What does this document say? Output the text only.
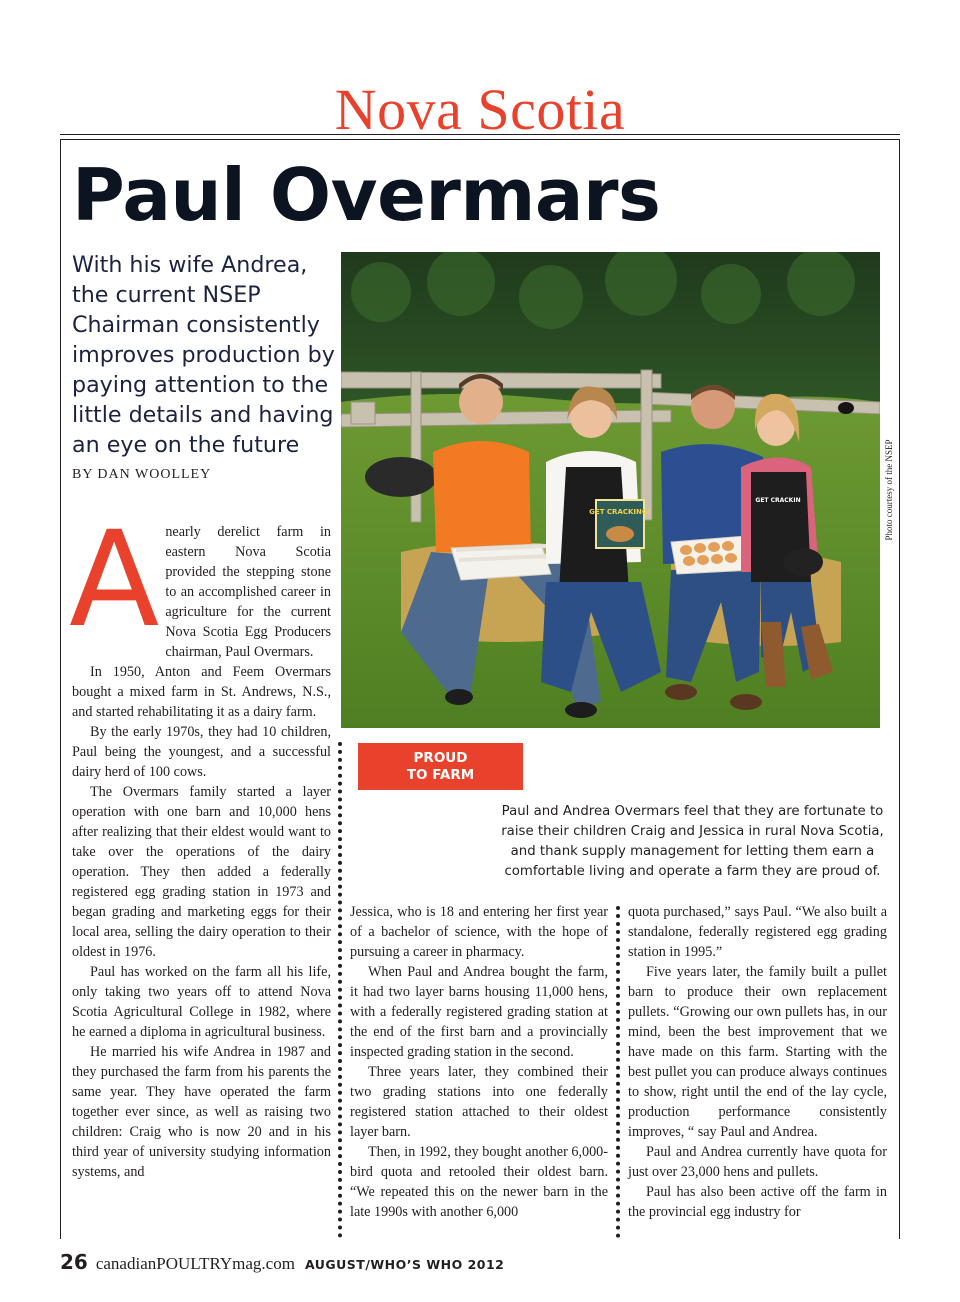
Nova Scotia
Paul Overmars
With his wife Andrea, the current NSEP Chairman consistently improves production by paying attention to the little details and having an eye on the future
BY DAN WOOLLEY

Anearly derelict farm in eastern Nova Scotia provided the stepping stone to an accomplished career in agriculture for the current Nova Scotia Egg Producers chairman, Paul Overmars.

In 1950, Anton and Feem Overmars bought a mixed farm in St. Andrews, N.S., and started rehabilitating it as a dairy farm.

By the early 1970s, they had 10 children, Paul being the youngest, and a successful dairy herd of 100 cows.

The Overmars family started a layer operation with one barn and 10,000 hens after realizing that their eldest would want to take over the operations of the dairy operation. They then added a federally registered egg grading station in 1973 and began grading and marketing eggs for their local area, selling the dairy operation to their oldest in 1976.

Paul has worked on the farm all his life, only taking two years off to attend Nova Scotia Agricultural College in 1982, where he earned a diploma in agricultural business.

He married his wife Andrea in 1987 and they purchased the farm from his parents the same year. They have operated the farm together ever since, as well as raising two children: Craig who is now 20 and in his third year of university studying information systems, and

Jessica, who is 18 and entering her first year of a bachelor of science, with the hope of pursuing a career in pharmacy.

When Paul and Andrea bought the farm, it had two layer barns housing 11,000 hens, with a federally registered grading station at the end of the first barn and a provincially inspected grading station in the second.

Three years later, they combined their two grading stations into one federally registered station attached to their oldest layer barn.

Then, in 1992, they bought another 6,000-bird quota and retooled their oldest barn. “We repeated this on the newer barn in the late 1990s with another 6,000

quota purchased,” says Paul. “We also built a standalone, federally registered egg grading station in 1995.”

Five years later, the family built a pullet barn to produce their own replacement pullets. “Growing our own pullets has, in our mind, been the best improvement that we have made on this farm. Starting with the best pullet you can produce always continues to show, right until the end of the lay cycle, production performance consistently improves, “ say Paul and Andrea.

Paul and Andrea currently have quota for just over 23,000 hens and pullets.

Paul has also been active off the farm in the provincial egg industry for

GET CRACKING!
GET CRACKIN	Photo courtesy of the NSEP
PROUD
TO FARM
Paul and Andrea Overmars feel that they are fortunate to raise their children Craig and Jessica in rural Nova Scotia, and thank supply management for letting them earn a comfortable living and operate a farm they are proud of.
26 canadianPOULTRYmag.com AUGUST/WHO’S WHO 2012
